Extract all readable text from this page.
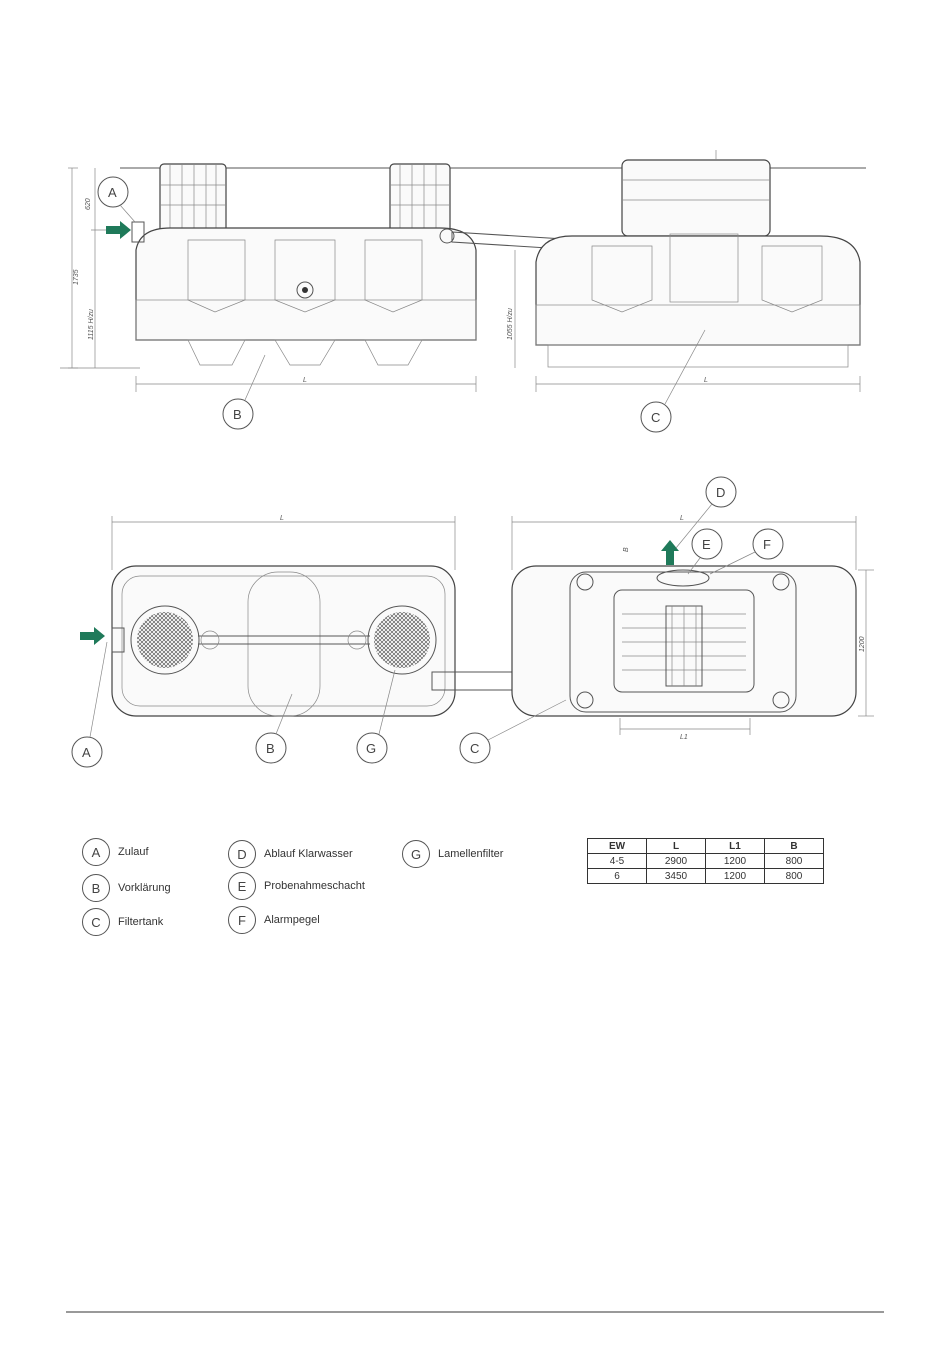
1735
620
1115 H/zu	1055 H/zu
L	L
A
B	C
L	L
1200
B
L1
D
E	F
A	B	G	C
A	Zulauf
B	Vorklärung
C	Filtertank
D	Ablauf Klarwasser
E	Probenahmeschacht
F	Alarmpegel
G	Lamellenfilter
EW	L	L1	B
4-5	2900	1200	800
6	3450	1200	800
